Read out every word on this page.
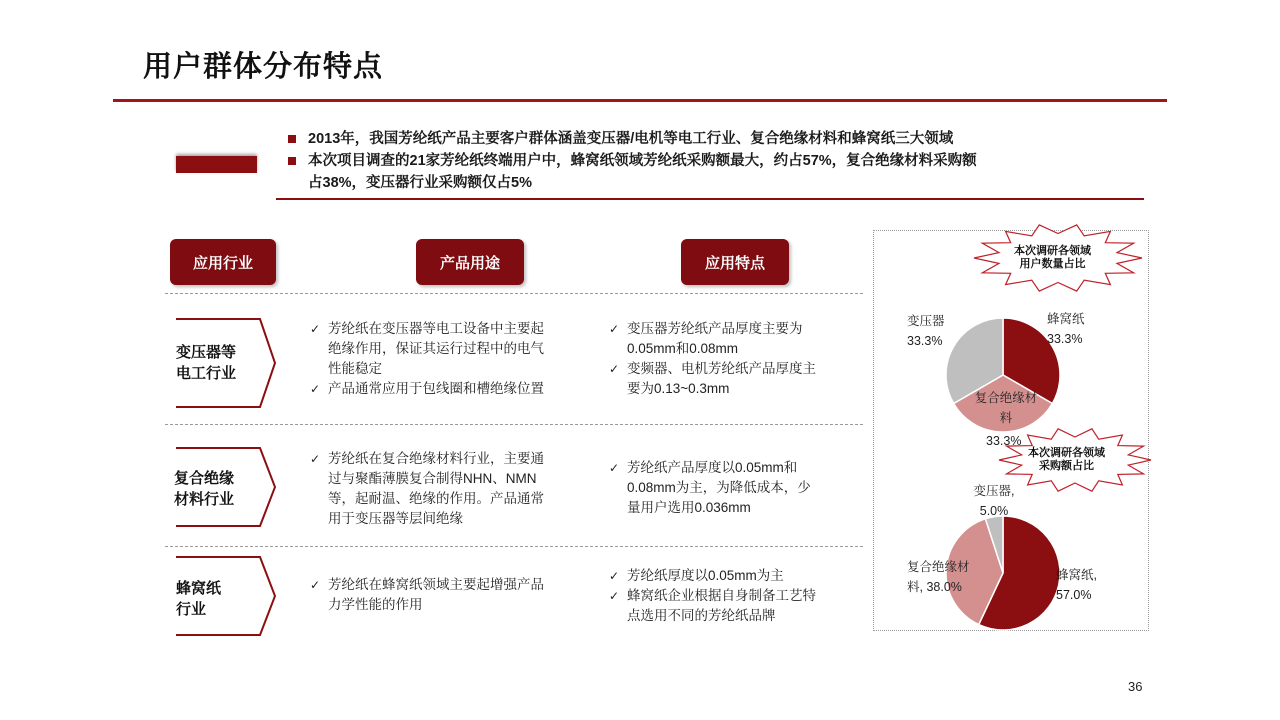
用户群体分布特点
2013年，我国芳纶纸产品主要客户群体涵盖变压器/电机等电工行业、复合绝缘材料和蜂窝纸三大领域
本次项目调查的21家芳纶纸终端用户中，蜂窝纸领域芳纶纸采购额最大，约占57%，复合绝缘材料采购额
占38%，变压器行业采购额仅占5%
应用行业	产品用途	应用特点
变压器等
电工行业
✓ 芳纶纸在变压器等电工设备中主要起
绝缘作用，保证其运行过程中的电气
性能稳定
✓ 产品通常应用于包线圈和槽绝缘位置
✓ 变压器芳纶纸产品厚度主要为
0.05mm和0.08mm
✓ 变频器、电机芳纶纸产品厚度主
要为0.13~0.3mm
复合绝缘
材料行业
✓ 芳纶纸在复合绝缘材料行业，主要通
过与聚酯薄膜复合制得NHN、NMN
等，起耐温、绝缘的作用。产品通常
用于变压器等层间绝缘
✓ 芳纶纸产品厚度以0.05mm和
0.08mm为主，为降低成本，少
量用户选用0.036mm
蜂窝纸
行业
✓ 芳纶纸在蜂窝纸领域主要起增强产品
力学性能的作用
✓ 芳纶纸厚度以0.05mm为主
✓ 蜂窝纸企业根据自身制备工艺特
点选用不同的芳纶纸品牌
本次调研各领域
用户数量占比
蜂窝纸
33.3%
变压器
33.3%
复合绝缘材
料
33.3%
本次调研各领域
采购额占比
变压器,
5.0%
复合绝缘材
料, 38.0%
蜂窝纸,
57.0%
36
